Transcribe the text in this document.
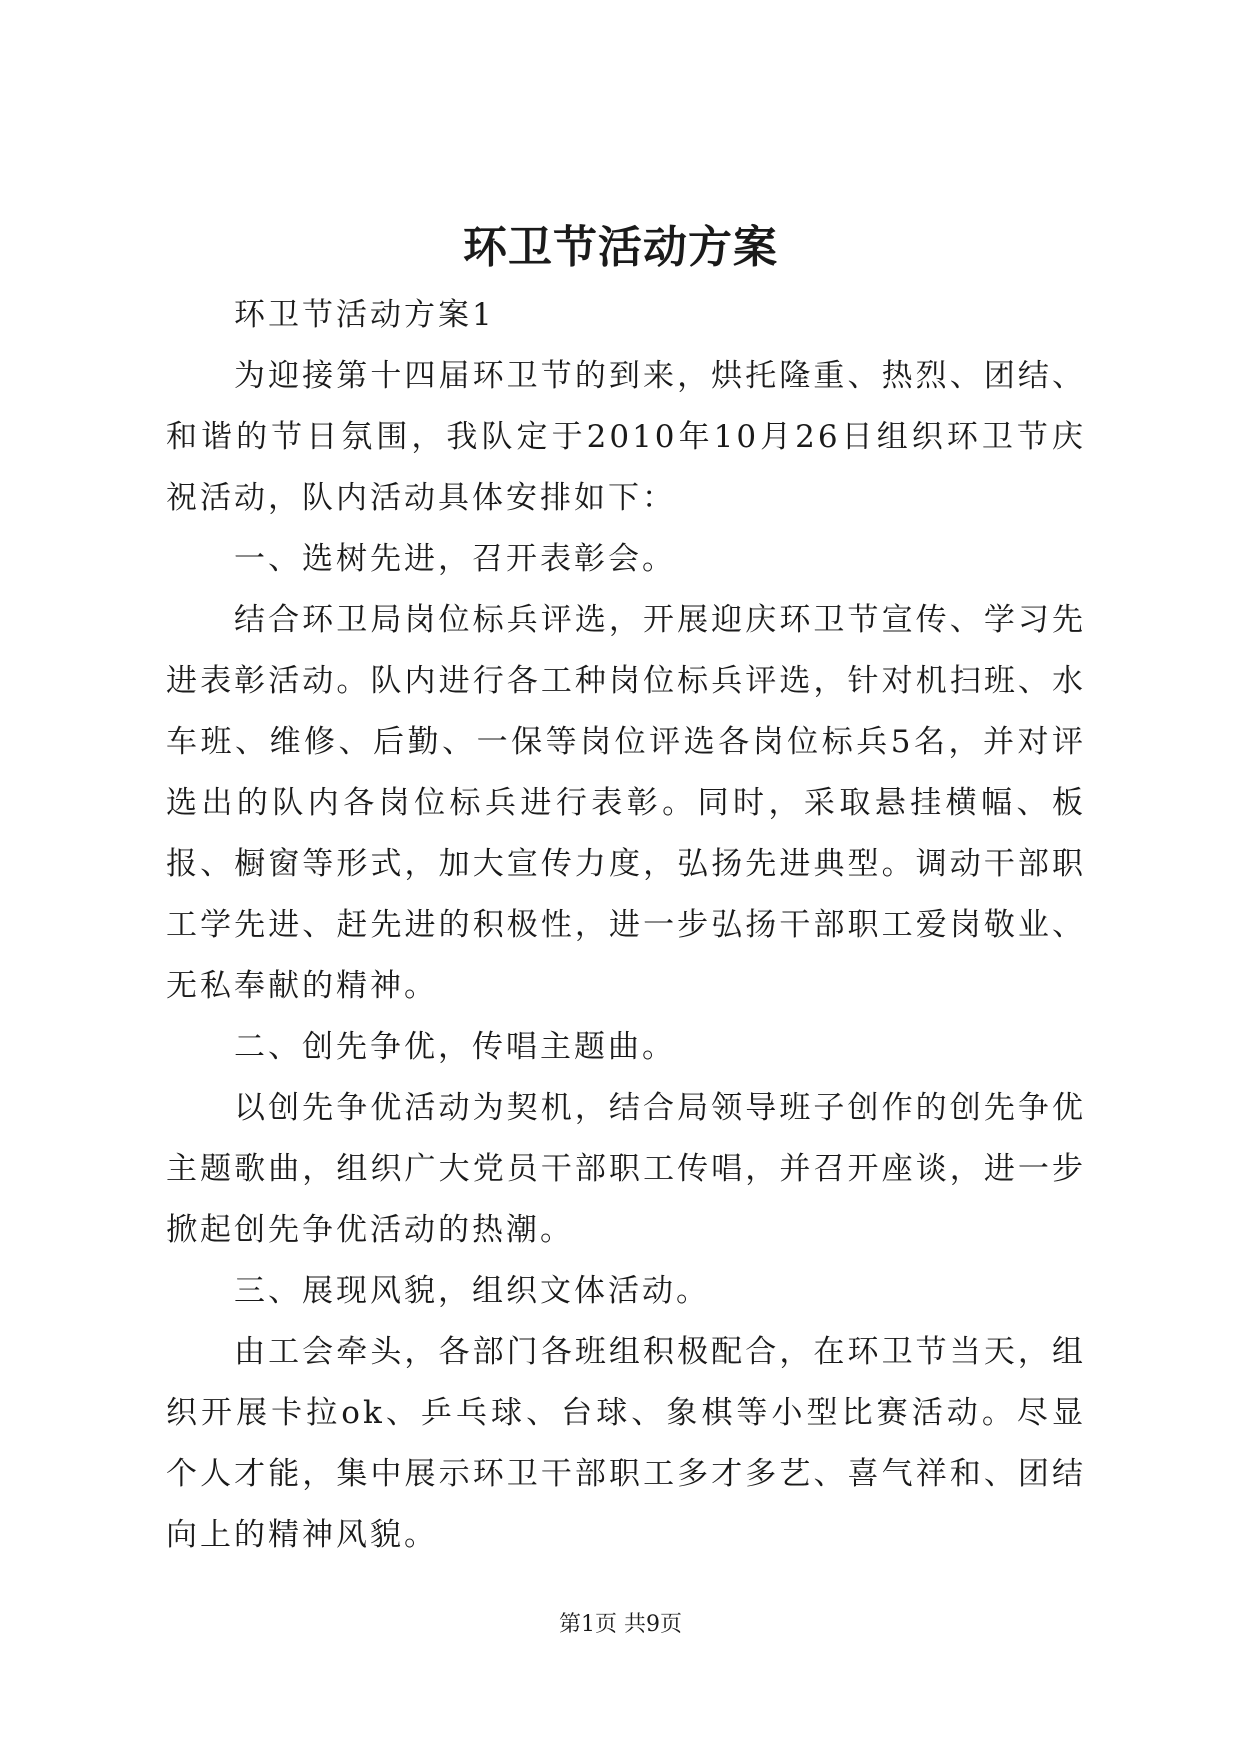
环卫节活动方案

环卫节活动方案1

为迎接第十四届环卫节的到来，烘托隆重、热烈、团结、和谐的节日氛围，我队定于2010年10月26日组织环卫节庆祝活动，队内活动具体安排如下：

一、选树先进，召开表彰会。

结合环卫局岗位标兵评选，开展迎庆环卫节宣传、学习先进表彰活动。队内进行各工种岗位标兵评选，针对机扫班、水车班、维修、后勤、一保等岗位评选各岗位标兵5名，并对评选出的队内各岗位标兵进行表彰。同时，采取悬挂横幅、板报、橱窗等形式，加大宣传力度，弘扬先进典型。调动干部职工学先进、赶先进的积极性，进一步弘扬干部职工爱岗敬业、无私奉献的精神。

二、创先争优，传唱主题曲。

以创先争优活动为契机，结合局领导班子创作的创先争优主题歌曲，组织广大党员干部职工传唱，并召开座谈，进一步掀起创先争优活动的热潮。

三、展现风貌，组织文体活动。

由工会牵头，各部门各班组积极配合，在环卫节当天，组织开展卡拉ok、乒乓球、台球、象棋等小型比赛活动。尽显个人才能，集中展示环卫干部职工多才多艺、喜气祥和、团结向上的精神风貌。

第1页 共9页
